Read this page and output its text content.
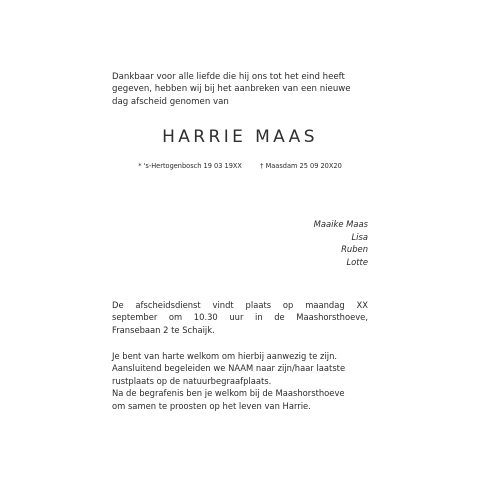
Dankbaar voor alle liefde die hij ons tot het eind heeft
gegeven, hebben wij bij het aanbreken van een nieuwe
dag afscheid genomen van
HARRIE MAAS
* 's-Hertogenbosch 19 03 19XX	† Maasdam 25 09 20X20
Maaike Maas
Lisa
Ruben
Lotte
De afscheidsdienst vindt plaats op maandag XX
september om 10.30 uur in de Maashorsthoeve,
Fransebaan 2 te Schaijk.
Je bent van harte welkom om hierbij aanwezig te zijn.
Aansluitend begeleiden we NAAM naar zijn/haar laatste
rustplaats op de natuurbegraafplaats.
Na de begrafenis ben je welkom bij de Maashorsthoeve
om samen te proosten op het leven van Harrie.
